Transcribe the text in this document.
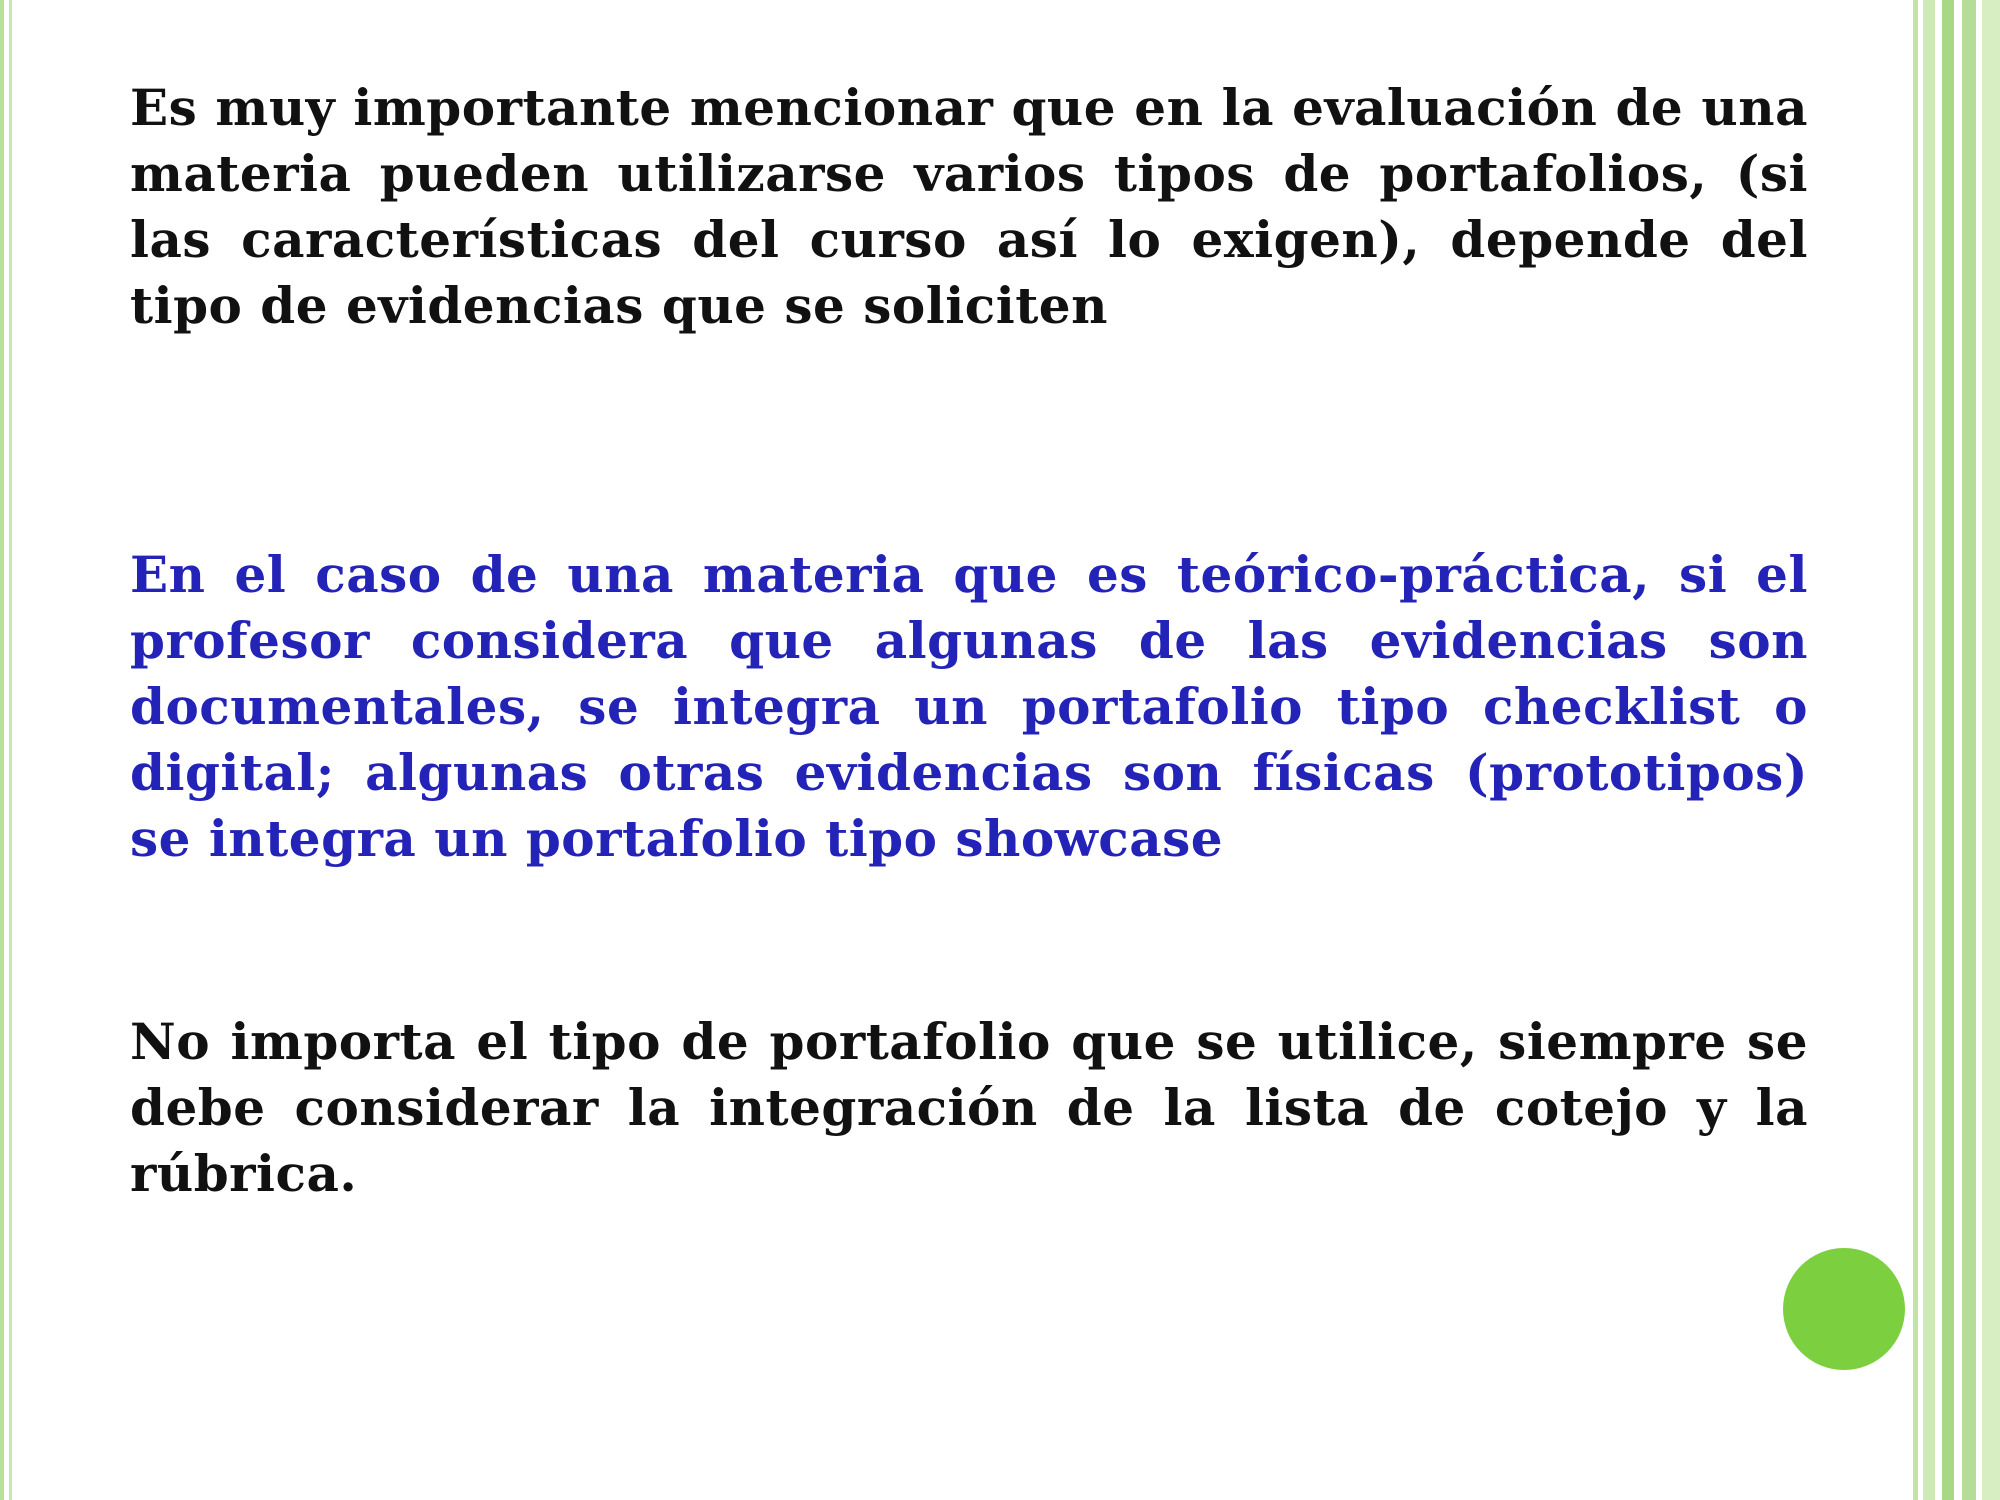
Es muy importante mencionar que en la evaluación de una materia pueden utilizarse varios tipos de portafolios, (si las características del curso así lo exigen), depende del tipo de evidencias que se soliciten

En el caso de una materia que es teórico-práctica, si el profesor considera que algunas de las evidencias son documentales, se integra un portafolio tipo checklist o digital; algunas otras evidencias son físicas (prototipos) se integra un portafolio tipo showcase

No importa el tipo de portafolio que se utilice, siempre se debe considerar la integración de la lista de cotejo y la rúbrica.
